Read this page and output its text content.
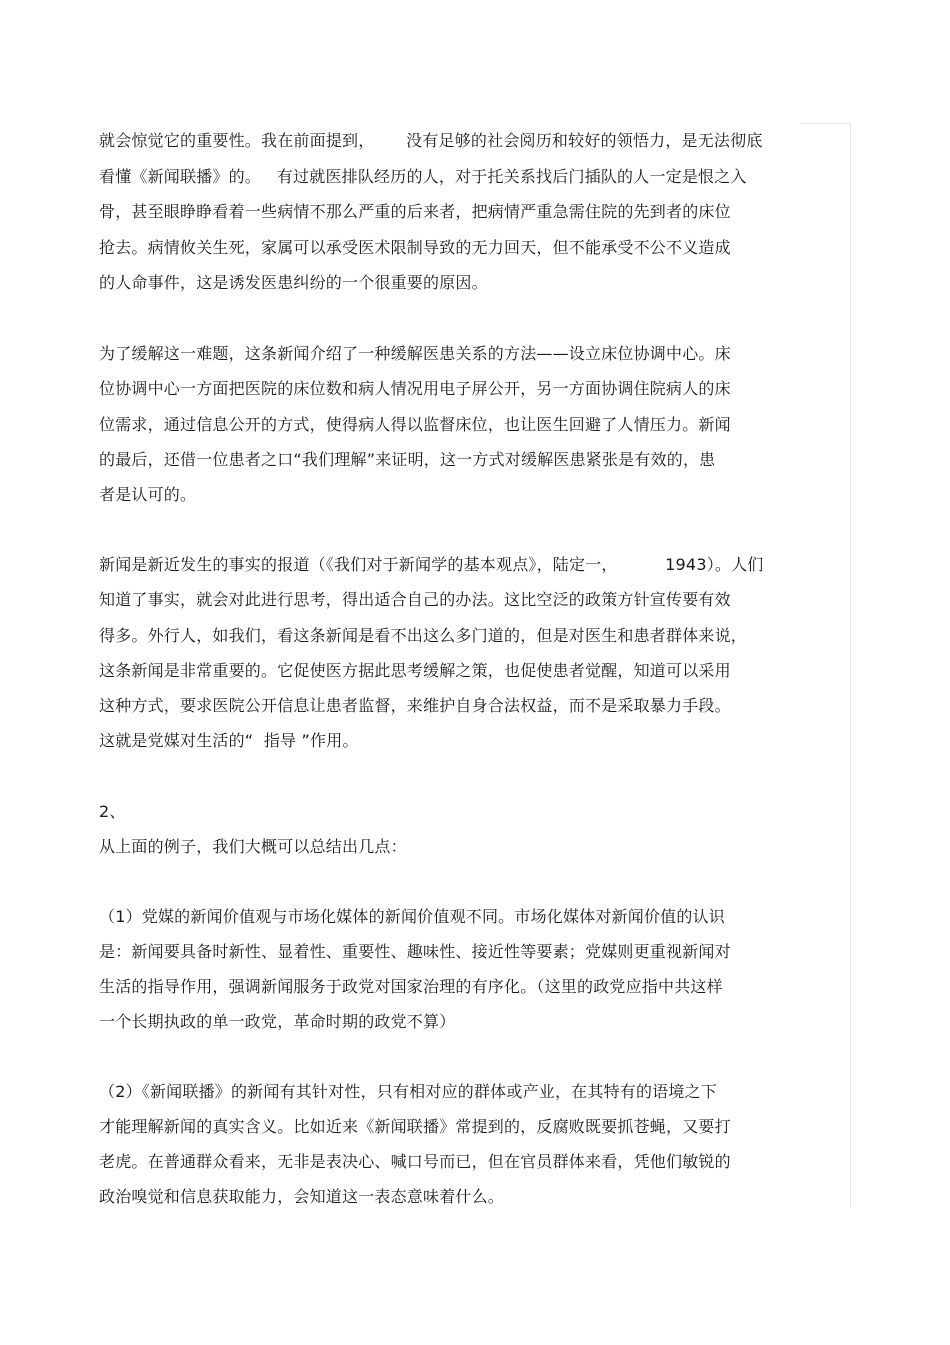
就会惊觉它的重要性。我在前面提到，      没有足够的社会阅历和较好的领悟力，是无法彻底
看懂《新闻联播》的。   有过就医排队经历的人，对于托关系找后门插队的人一定是恨之入
骨，甚至眼睁睁看着一些病情不那么严重的后来者，把病情严重急需住院的先到者的床位
抢去。病情攸关生死，家属可以承受医术限制导致的无力回天，但不能承受不公不义造成
的人命事件，这是诱发医患纠纷的一个很重要的原因。
为了缓解这一难题，这条新闻介绍了一种缓解医患关系的方法——设立床位协调中心。床
位协调中心一方面把医院的床位数和病人情况用电子屏公开，另一方面协调住院病人的床
位需求，通过信息公开的方式，使得病人得以监督床位，也让医生回避了人情压力。新闻
的最后，还借一位患者之口“我们理解”来证明，这一方式对缓解医患紧张是有效的，患
者是认可的。
新闻是新近发生的事实的报道（《我们对于新闻学的基本观点》，陆定一，         1943）。人们
知道了事实，就会对此进行思考，得出适合自己的办法。这比空泛的政策方针宣传要有效
得多。外行人，如我们，看这条新闻是看不出这么多门道的，但是对医生和患者群体来说，
这条新闻是非常重要的。它促使医方据此思考缓解之策，也促使患者觉醒，知道可以采用
这种方式，要求医院公开信息让患者监督，来维护自身合法权益，而不是采取暴力手段。
这就是党媒对生活的“  指导 ”作用。
2、
从上面的例子，我们大概可以总结出几点：
（1）党媒的新闻价值观与市场化媒体的新闻价值观不同。市场化媒体对新闻价值的认识
是：新闻要具备时新性、显着性、重要性、趣味性、接近性等要素；党媒则更重视新闻对
生活的指导作用，强调新闻服务于政党对国家治理的有序化。（这里的政党应指中共这样
一个长期执政的单一政党，革命时期的政党不算）
（2）《新闻联播》的新闻有其针对性，只有相对应的群体或产业，在其特有的语境之下
才能理解新闻的真实含义。比如近来《新闻联播》常提到的，反腐败既要抓苍蝇，又要打
老虎。在普通群众看来，无非是表决心、喊口号而已，但在官员群体来看，凭他们敏锐的
政治嗅觉和信息获取能力，会知道这一表态意味着什么。
